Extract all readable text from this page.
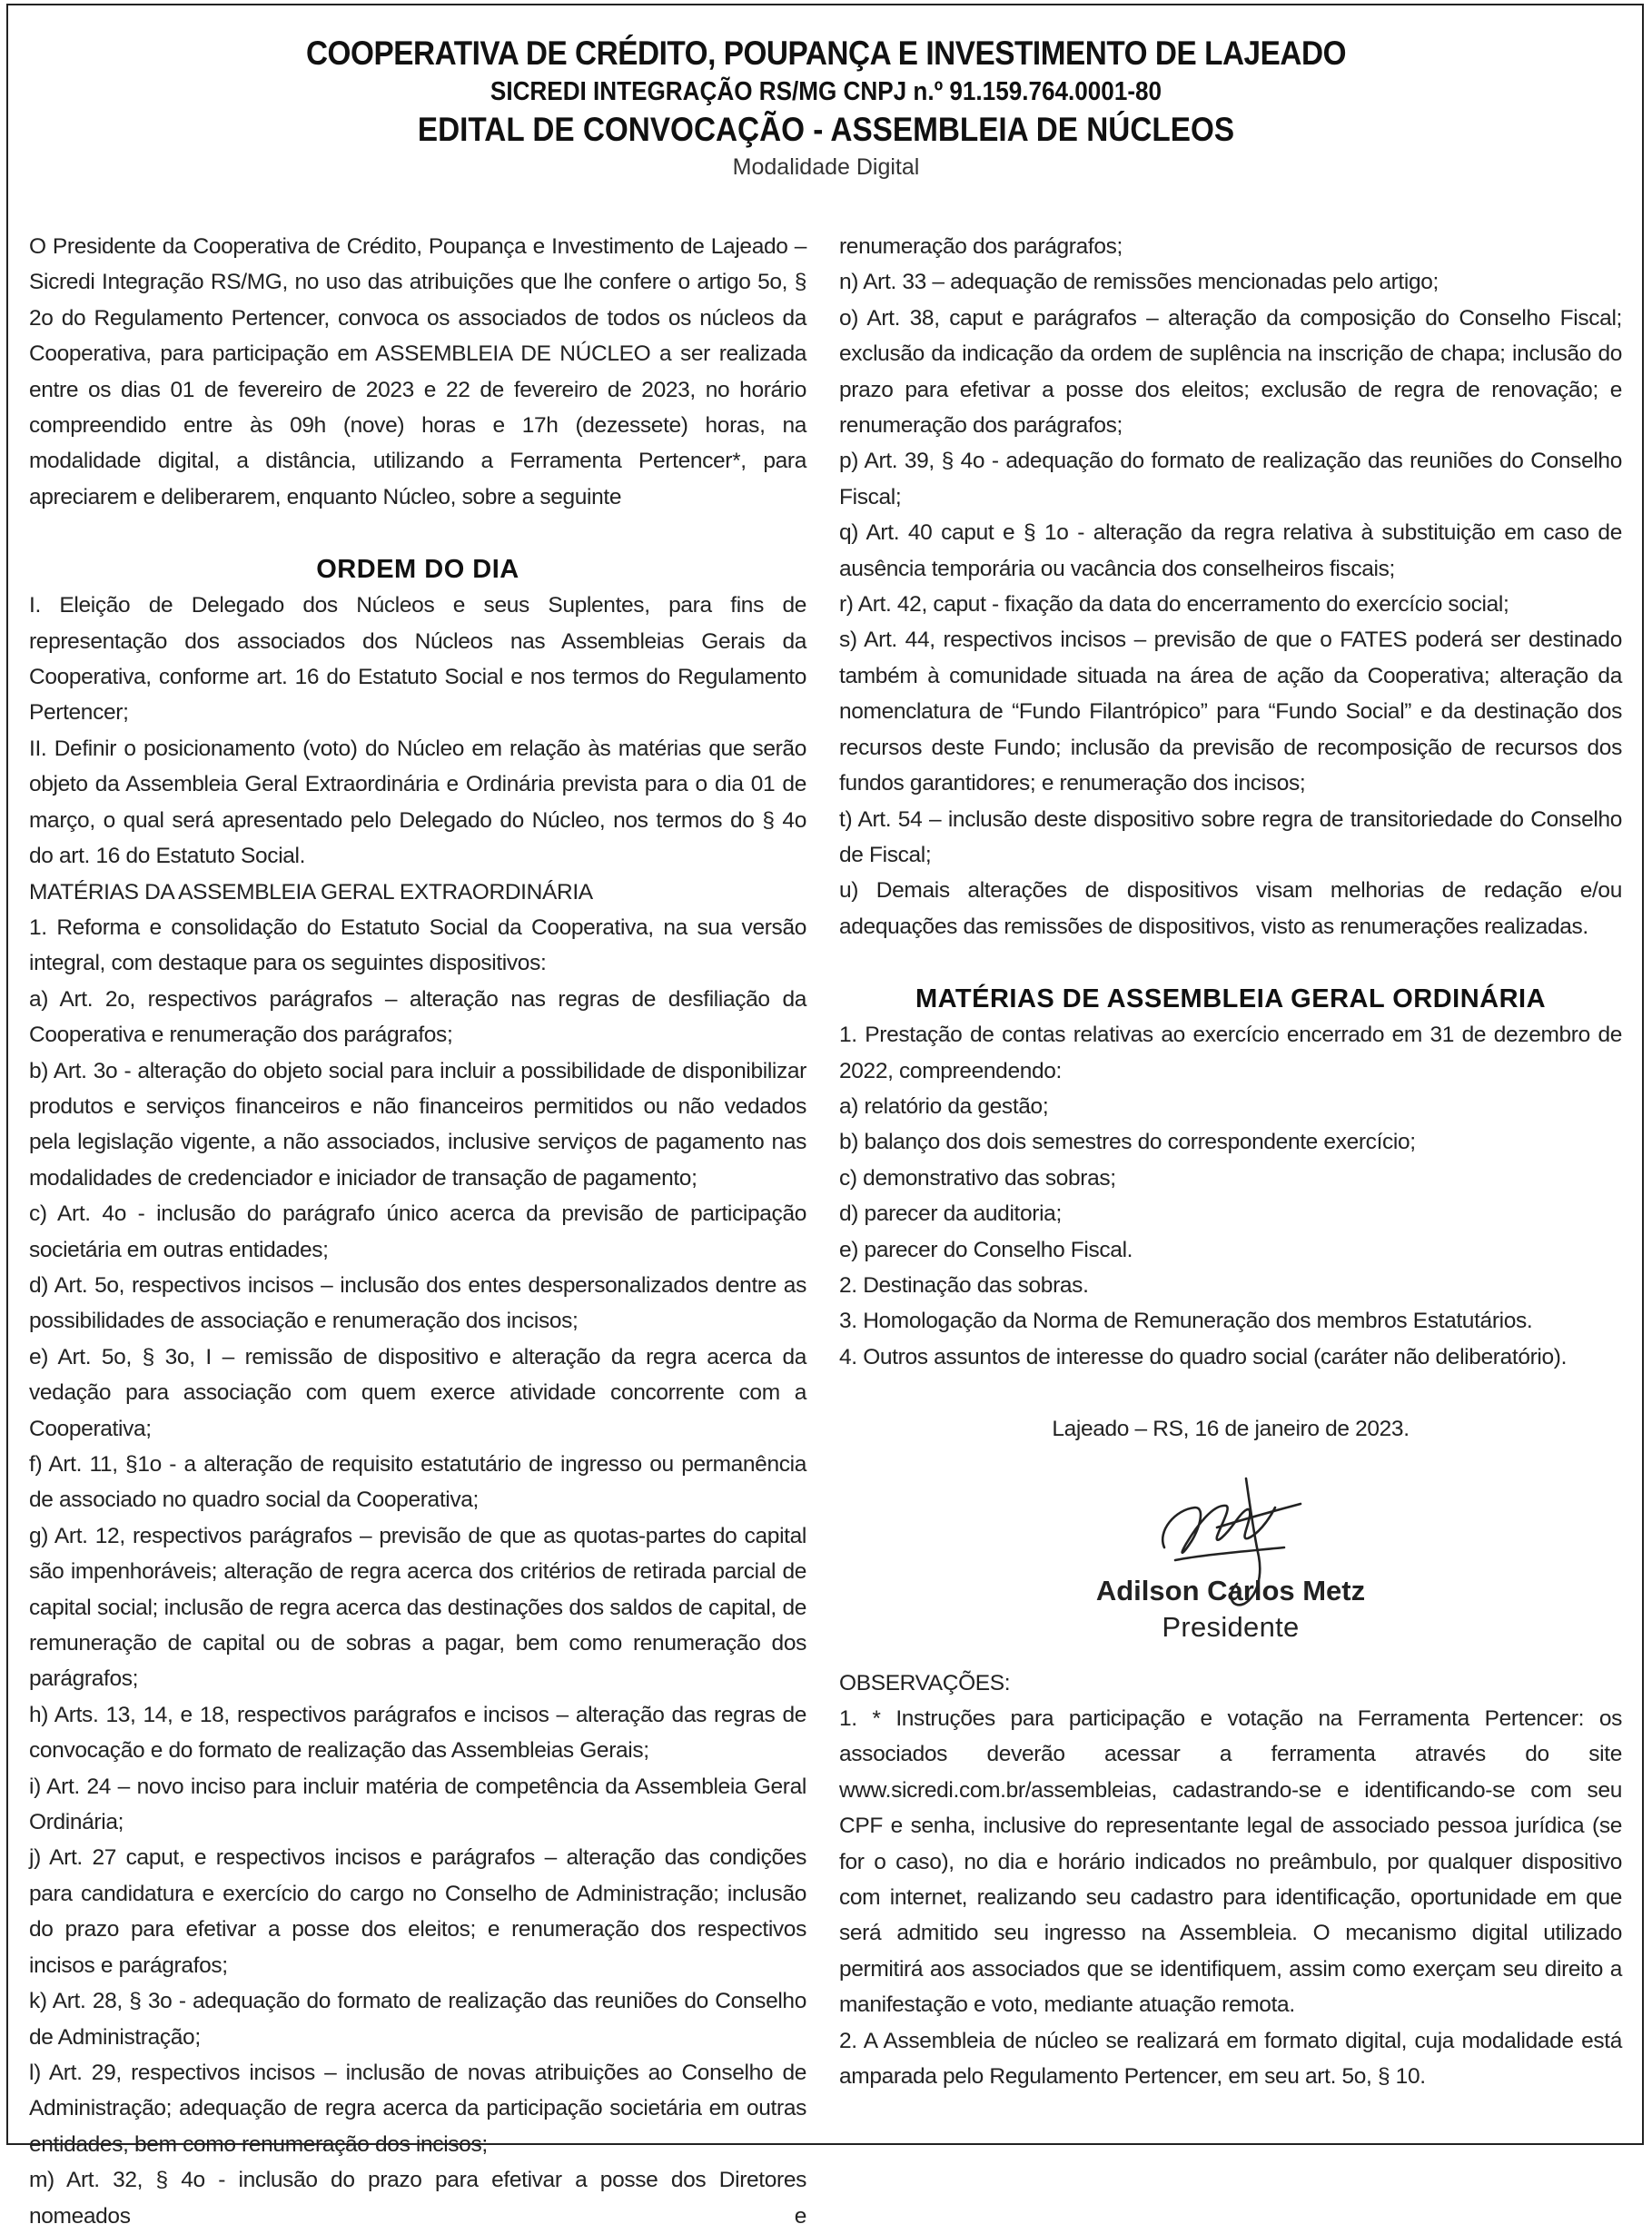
COOPERATIVA DE CRÉDITO, POUPANÇA E INVESTIMENTO DE LAJEADO
SICREDI INTEGRAÇÃO RS/MG CNPJ n.º 91.159.764.0001-80
EDITAL DE CONVOCAÇÃO - ASSEMBLEIA DE NÚCLEOS
Modalidade Digital

O Presidente da Cooperativa de Crédito, Poupança e Investimento de Lajeado – Sicredi Integração RS/MG, no uso das atribuições que lhe confere o artigo 5o, § 2o do Regulamento Pertencer, convoca os associados de todos os núcleos da Cooperativa, para participação em ASSEMBLEIA DE NÚCLEO a ser realizada entre os dias 01 de fevereiro de 2023 e 22 de fevereiro de 2023, no horário compreendido entre às 09h (nove) horas e 17h (dezessete) horas, na modalidade digital, a distância, utilizando a Ferramenta Pertencer*, para apreciarem e deliberarem, enquanto Núcleo, sobre a seguinte

ORDEM DO DIA

I. Eleição de Delegado dos Núcleos e seus Suplentes, para fins de representação dos associados dos Núcleos nas Assembleias Gerais da Cooperativa, conforme art. 16 do Estatuto Social e nos termos do Regulamento Pertencer;

II. Definir o posicionamento (voto) do Núcleo em relação às matérias que serão objeto da Assembleia Geral Extraordinária e Ordinária prevista para o dia 01 de março, o qual será apresentado pelo Delegado do Núcleo, nos termos do § 4o do art. 16 do Estatuto Social.

MATÉRIAS DA ASSEMBLEIA GERAL EXTRAORDINÁRIA

1. Reforma e consolidação do Estatuto Social da Cooperativa, na sua versão integral, com destaque para os seguintes dispositivos:

a) Art. 2o, respectivos parágrafos – alteração nas regras de desfiliação da Cooperativa e renumeração dos parágrafos;

b) Art. 3o - alteração do objeto social para incluir a possibilidade de disponibilizar produtos e serviços financeiros e não financeiros permitidos ou não vedados pela legislação vigente, a não associados, inclusive serviços de pagamento nas modalidades de credenciador e iniciador de transação de pagamento;

c) Art. 4o - inclusão do parágrafo único acerca da previsão de participação societária em outras entidades;

d) Art. 5o, respectivos incisos – inclusão dos entes despersonalizados dentre as possibilidades de associação e renumeração dos incisos;

e) Art. 5o, § 3o, I – remissão de dispositivo e alteração da regra acerca da vedação para associação com quem exerce atividade concorrente com a Cooperativa;

f) Art. 11, §1o - a alteração de requisito estatutário de ingresso ou permanência de associado no quadro social da Cooperativa;

g) Art. 12, respectivos parágrafos – previsão de que as quotas-partes do capital são impenhoráveis; alteração de regra acerca dos critérios de retirada parcial de capital social; inclusão de regra acerca das destinações dos saldos de capital, de remuneração de capital ou de sobras a pagar, bem como renumeração dos parágrafos;

h) Arts. 13, 14, e 18, respectivos parágrafos e incisos – alteração das regras de convocação e do formato de realização das Assembleias Gerais;

i) Art. 24 – novo inciso para incluir matéria de competência da Assembleia Geral Ordinária;

j) Art. 27 caput, e respectivos incisos e parágrafos – alteração das condições para candidatura e exercício do cargo no Conselho de Administração; inclusão do prazo para efetivar a posse dos eleitos; e renumeração dos respectivos incisos e parágrafos;

k) Art. 28, § 3o - adequação do formato de realização das reuniões do Conselho de Administração;

l) Art. 29, respectivos incisos – inclusão de novas atribuições ao Conselho de Administração; adequação de regra acerca da participação societária em outras entidades, bem como renumeração dos incisos;

m) Art. 32, § 4o - inclusão do prazo para efetivar a posse dos Diretores nomeados e

renumeração dos parágrafos;

n) Art. 33 – adequação de remissões mencionadas pelo artigo;

o) Art. 38, caput e parágrafos – alteração da composição do Conselho Fiscal; exclusão da indicação da ordem de suplência na inscrição de chapa; inclusão do prazo para efetivar a posse dos eleitos; exclusão de regra de renovação; e renumeração dos parágrafos;

p) Art. 39, § 4o - adequação do formato de realização das reuniões do Conselho Fiscal;

q) Art. 40 caput e § 1o - alteração da regra relativa à substituição em caso de ausência temporária ou vacância dos conselheiros fiscais;

r) Art. 42, caput - fixação da data do encerramento do exercício social;

s) Art. 44, respectivos incisos – previsão de que o FATES poderá ser destinado também à comunidade situada na área de ação da Cooperativa; alteração da nomenclatura de “Fundo Filantrópico” para “Fundo Social” e da destinação dos recursos deste Fundo; inclusão da previsão de recomposição de recursos dos fundos garantidores; e renumeração dos incisos;

t) Art. 54 – inclusão deste dispositivo sobre regra de transitoriedade do Conselho de Fiscal;

u) Demais alterações de dispositivos visam melhorias de redação e/ou adequações das remissões de dispositivos, visto as renumerações realizadas.

MATÉRIAS DE ASSEMBLEIA GERAL ORDINÁRIA

1. Prestação de contas relativas ao exercício encerrado em 31 de dezembro de 2022, compreendendo:

a) relatório da gestão;

b) balanço dos dois semestres do correspondente exercício;

c) demonstrativo das sobras;

d) parecer da auditoria;

e) parecer do Conselho Fiscal.

2. Destinação das sobras.

3. Homologação da Norma de Remuneração dos membros Estatutários.

4. Outros assuntos de interesse do quadro social (caráter não deliberatório).

Lajeado – RS, 16 de janeiro de 2023.

Adilson Carlos Metz
Presidente

OBSERVAÇÕES:

1. * Instruções para participação e votação na Ferramenta Pertencer: os associados deverão acessar a ferramenta através do site www.sicredi.com.br/assembleias, cadastrando-se e identificando-se com seu CPF e senha, inclusive do representante legal de associado pessoa jurídica (se for o caso), no dia e horário indicados no preâmbulo, por qualquer dispositivo com internet, realizando seu cadastro para identificação, oportunidade em que será admitido seu ingresso na Assembleia. O mecanismo digital utilizado permitirá aos associados que se identifiquem, assim como exerçam seu direito a manifestação e voto, mediante atuação remota.

2. A Assembleia de núcleo se realizará em formato digital, cuja modalidade está amparada pelo Regulamento Pertencer, em seu art. 5o, § 10.
